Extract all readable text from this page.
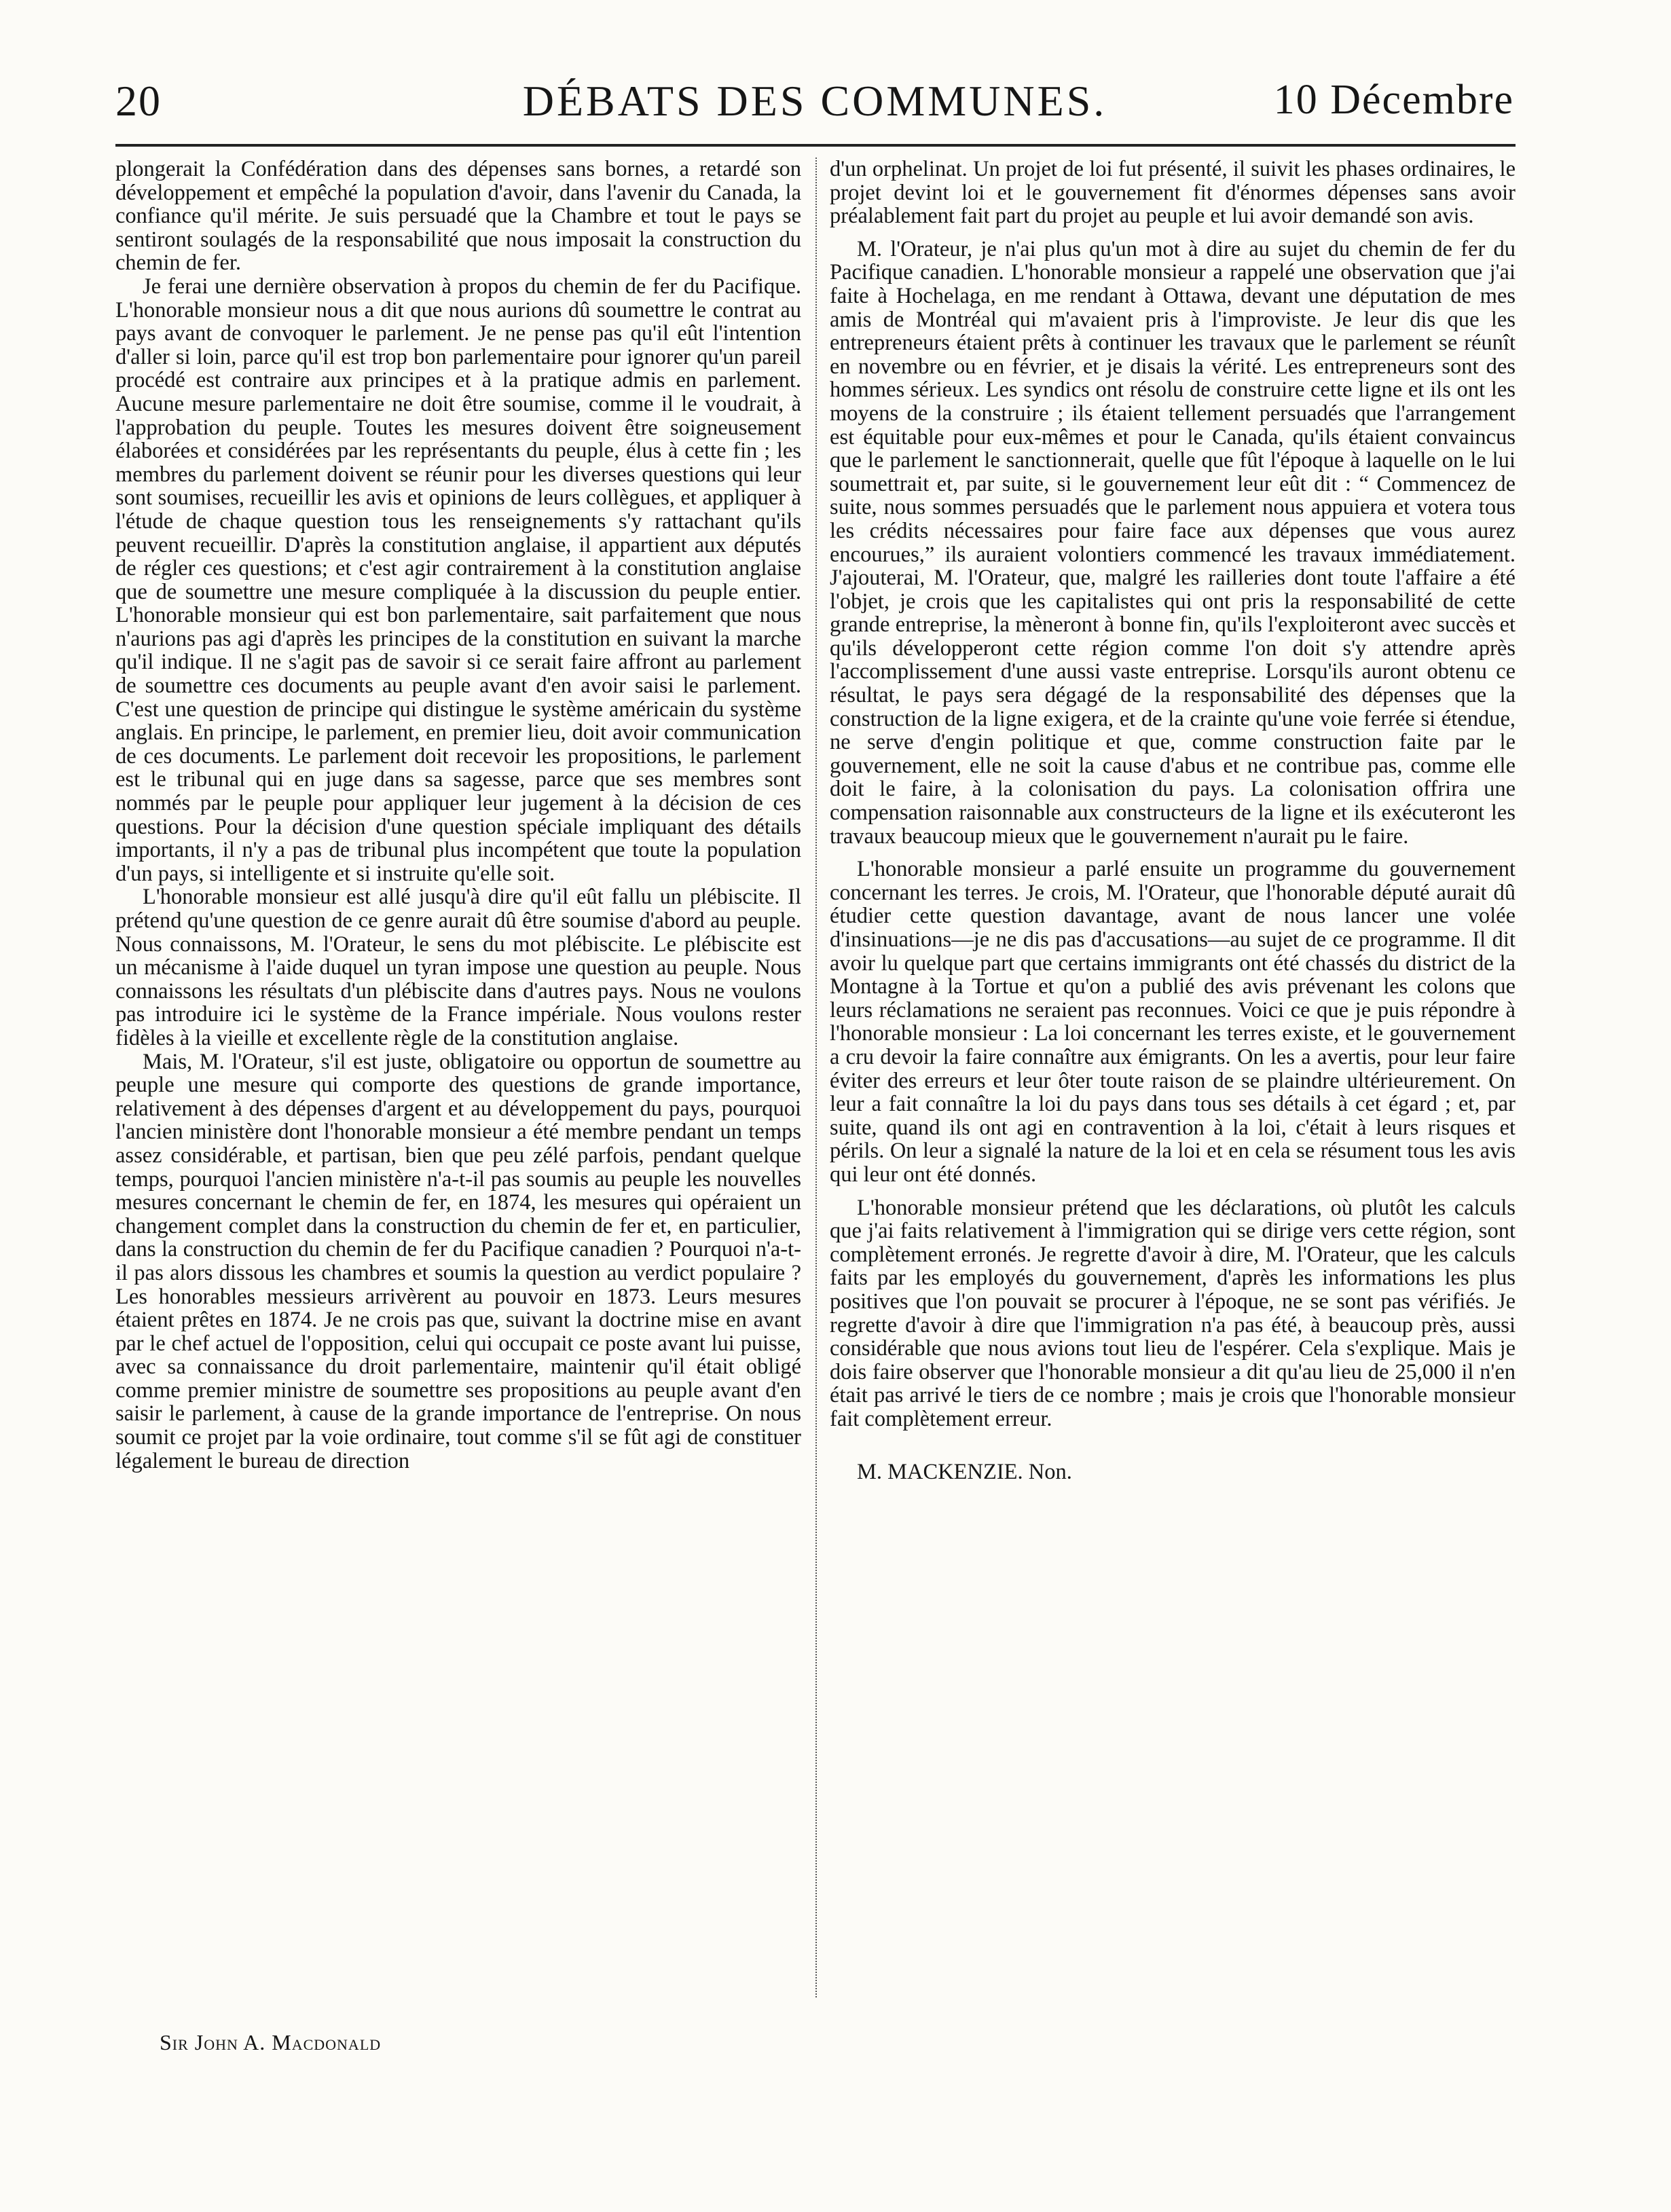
20	DÉBATS DES COMMUNES.	10 Décembre

plongerait la Confédération dans des dépenses sans bornes, a retardé son développement et empêché la population d'avoir, dans l'avenir du Canada, la confiance qu'il mérite. Je suis persuadé que la Chambre et tout le pays se sentiront soulagés de la responsabilité que nous imposait la construction du chemin de fer.

Je ferai une dernière observation à propos du chemin de fer du Pacifique. L'honorable monsieur nous a dit que nous aurions dû soumettre le contrat au pays avant de convoquer le parlement. Je ne pense pas qu'il eût l'intention d'aller si loin, parce qu'il est trop bon parlementaire pour ignorer qu'un pareil procédé est contraire aux principes et à la pratique admis en parlement. Aucune mesure parlementaire ne doit être soumise, comme il le voudrait, à l'approbation du peuple. Toutes les mesures doivent être soigneusement élaborées et considérées par les représentants du peuple, élus à cette fin ; les membres du parlement doivent se réunir pour les diverses questions qui leur sont soumises, recueillir les avis et opinions de leurs collègues, et appliquer à l'étude de chaque question tous les renseignements s'y rattachant qu'ils peuvent recueillir. D'après la constitution anglaise, il appartient aux députés de régler ces questions; et c'est agir contrairement à la constitution anglaise que de soumettre une mesure compliquée à la discussion du peuple entier. L'honorable monsieur qui est bon parlementaire, sait parfaitement que nous n'aurions pas agi d'après les principes de la constitution en suivant la marche qu'il indique. Il ne s'agit pas de savoir si ce serait faire affront au parlement de soumettre ces documents au peuple avant d'en avoir saisi le parlement. C'est une question de principe qui distingue le système américain du système anglais. En principe, le parlement, en premier lieu, doit avoir communication de ces documents. Le parlement doit recevoir les propositions, le parlement est le tribunal qui en juge dans sa sagesse, parce que ses membres sont nommés par le peuple pour appliquer leur jugement à la décision de ces questions. Pour la décision d'une question spéciale impliquant des détails importants, il n'y a pas de tribunal plus incompétent que toute la population d'un pays, si intelligente et si instruite qu'elle soit.

L'honorable monsieur est allé jusqu'à dire qu'il eût fallu un plébiscite. Il prétend qu'une question de ce genre aurait dû être soumise d'abord au peuple. Nous connaissons, M. l'Orateur, le sens du mot plébiscite. Le plébiscite est un mécanisme à l'aide duquel un tyran impose une question au peuple. Nous connaissons les résultats d'un plébiscite dans d'autres pays. Nous ne voulons pas introduire ici le système de la France impériale. Nous voulons rester fidèles à la vieille et excellente règle de la constitution anglaise.

Mais, M. l'Orateur, s'il est juste, obligatoire ou opportun de soumettre au peuple une mesure qui comporte des questions de grande importance, relativement à des dépenses d'argent et au développement du pays, pourquoi l'ancien ministère dont l'honorable monsieur a été membre pendant un temps assez considérable, et partisan, bien que peu zélé parfois, pendant quelque temps, pourquoi l'ancien ministère n'a-t-il pas soumis au peuple les nouvelles mesures concernant le chemin de fer, en 1874, les mesures qui opéraient un changement complet dans la construction du chemin de fer et, en particulier, dans la construction du chemin de fer du Pacifique canadien ? Pourquoi n'a-t-il pas alors dissous les chambres et soumis la question au verdict populaire ? Les honorables messieurs arrivèrent au pouvoir en 1873. Leurs mesures étaient prêtes en 1874. Je ne crois pas que, suivant la doctrine mise en avant par le chef actuel de l'opposition, celui qui occupait ce poste avant lui puisse, avec sa connaissance du droit parlementaire, maintenir qu'il était obligé comme premier ministre de soumettre ses propositions au peuple avant d'en saisir le parlement, à cause de la grande importance de l'entreprise. On nous soumit ce projet par la voie ordinaire, tout comme s'il se fût agi de constituer légalement le bureau de direction

d'un orphelinat. Un projet de loi fut présenté, il suivit les phases ordinaires, le projet devint loi et le gouvernement fit d'énormes dépenses sans avoir préalablement fait part du projet au peuple et lui avoir demandé son avis.

M. l'Orateur, je n'ai plus qu'un mot à dire au sujet du chemin de fer du Pacifique canadien. L'honorable monsieur a rappelé une observation que j'ai faite à Hochelaga, en me rendant à Ottawa, devant une députation de mes amis de Montréal qui m'avaient pris à l'improviste. Je leur dis que les entrepreneurs étaient prêts à continuer les travaux que le parlement se réunît en novembre ou en février, et je disais la vérité. Les entrepreneurs sont des hommes sérieux. Les syndics ont résolu de construire cette ligne et ils ont les moyens de la construire ; ils étaient tellement persuadés que l'arrangement est équitable pour eux-mêmes et pour le Canada, qu'ils étaient convaincus que le parlement le sanctionnerait, quelle que fût l'époque à laquelle on le lui soumettrait et, par suite, si le gouvernement leur eût dit : “ Commencez de suite, nous sommes persuadés que le parlement nous appuiera et votera tous les crédits nécessaires pour faire face aux dépenses que vous aurez encourues,” ils auraient volontiers commencé les travaux immédiatement. J'ajouterai, M. l'Orateur, que, malgré les railleries dont toute l'affaire a été l'objet, je crois que les capitalistes qui ont pris la responsabilité de cette grande entreprise, la mèneront à bonne fin, qu'ils l'exploiteront avec succès et qu'ils développeront cette région comme l'on doit s'y attendre après l'accomplissement d'une aussi vaste entreprise. Lorsqu'ils auront obtenu ce résultat, le pays sera dégagé de la responsabilité des dépenses que la construction de la ligne exigera, et de la crainte qu'une voie ferrée si étendue, ne serve d'engin politique et que, comme construction faite par le gouvernement, elle ne soit la cause d'abus et ne contribue pas, comme elle doit le faire, à la colonisation du pays. La colonisation offrira une compensation raisonnable aux constructeurs de la ligne et ils exécuteront les travaux beaucoup mieux que le gouvernement n'aurait pu le faire.

L'honorable monsieur a parlé ensuite un programme du gouvernement concernant les terres. Je crois, M. l'Orateur, que l'honorable député aurait dû étudier cette question davantage, avant de nous lancer une volée d'insinuations—je ne dis pas d'accusations—au sujet de ce programme. Il dit avoir lu quelque part que certains immigrants ont été chassés du district de la Montagne à la Tortue et qu'on a publié des avis prévenant les colons que leurs réclamations ne seraient pas reconnues. Voici ce que je puis répondre à l'honorable monsieur : La loi concernant les terres existe, et le gouvernement a cru devoir la faire connaître aux émigrants. On les a avertis, pour leur faire éviter des erreurs et leur ôter toute raison de se plaindre ultérieurement. On leur a fait connaître la loi du pays dans tous ses détails à cet égard ; et, par suite, quand ils ont agi en contravention à la loi, c'était à leurs risques et périls. On leur a signalé la nature de la loi et en cela se résument tous les avis qui leur ont été donnés.

L'honorable monsieur prétend que les déclarations, où plutôt les calculs que j'ai faits relativement à l'immigration qui se dirige vers cette région, sont complètement erronés. Je regrette d'avoir à dire, M. l'Orateur, que les calculs faits par les employés du gouvernement, d'après les informations les plus positives que l'on pouvait se procurer à l'époque, ne se sont pas vérifiés. Je regrette d'avoir à dire que l'immigration n'a pas été, à beaucoup près, aussi considérable que nous avions tout lieu de l'espérer. Cela s'explique. Mais je dois faire observer que l'honorable monsieur a dit qu'au lieu de 25,000 il n'en était pas arrivé le tiers de ce nombre ; mais je crois que l'honorable monsieur fait complètement erreur.

M. MACKENZIE. Non.

Sir John A. Macdonald
